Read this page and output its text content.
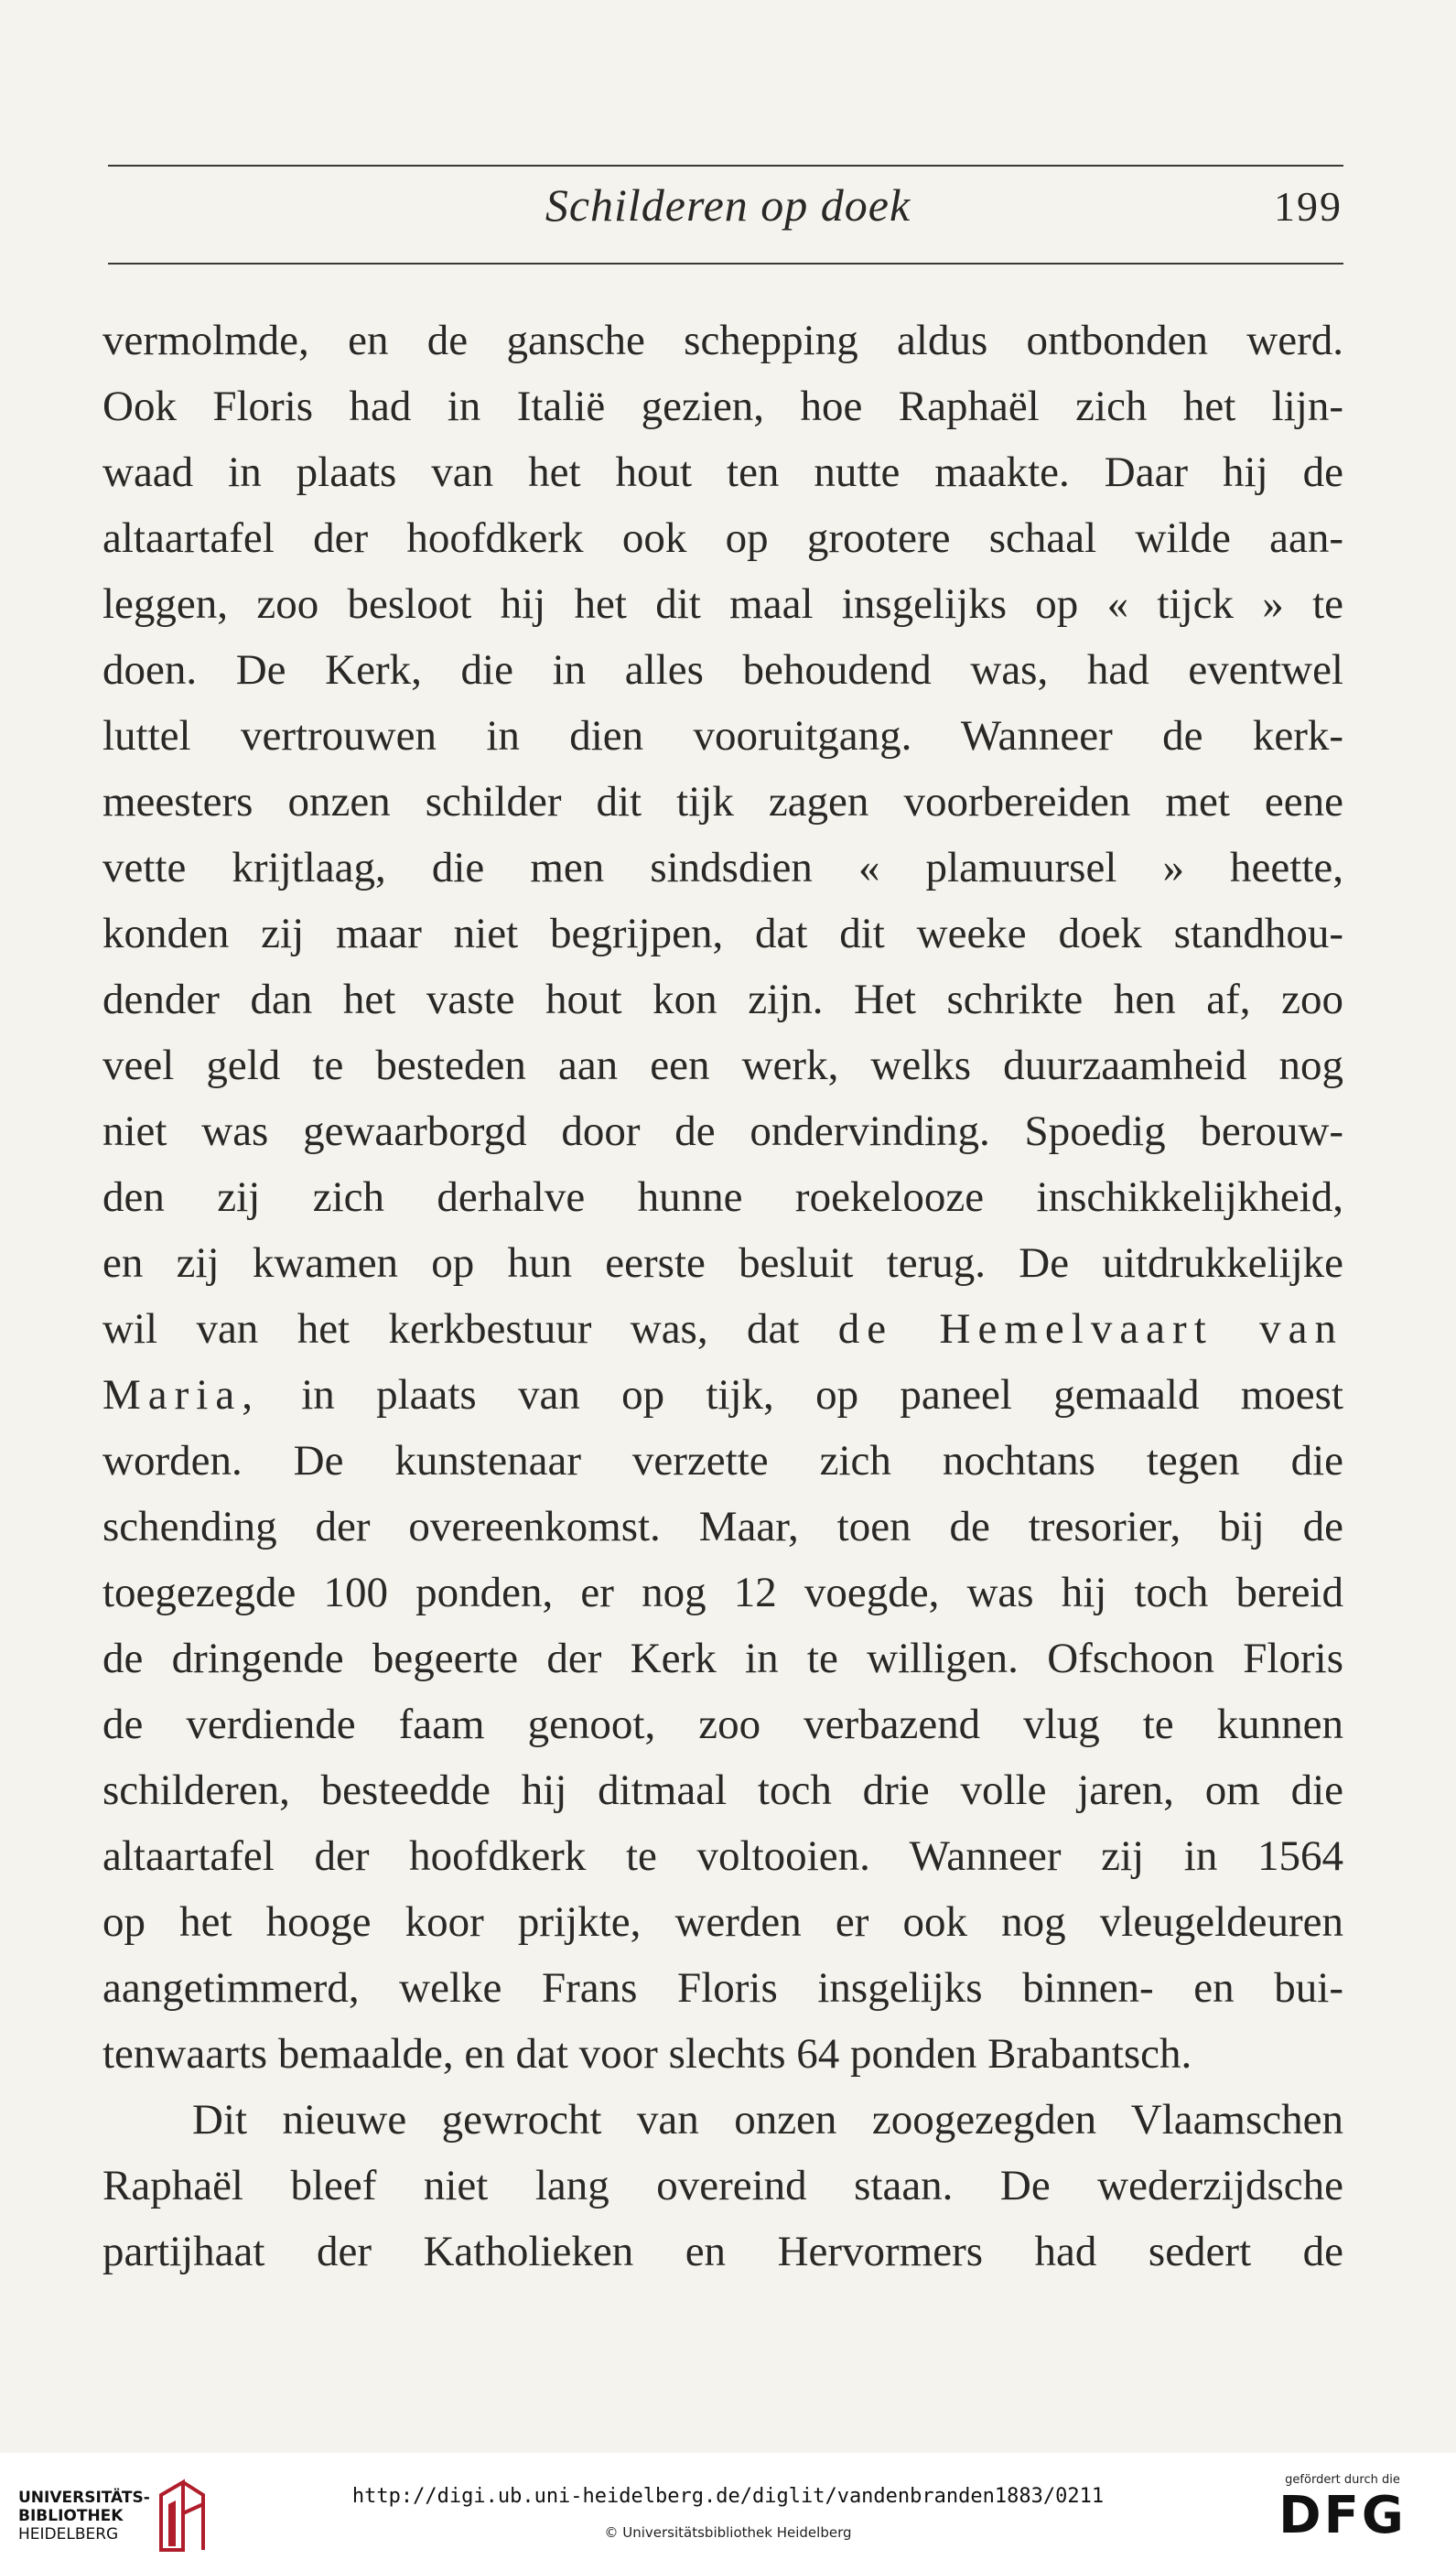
Schilderen op doek	199
vermolmde, en de gansche schepping aldus ontbonden werd.
Ook Floris had in Italië gezien, hoe Raphaël zich het lijn-
waad in plaats van het hout ten nutte maakte. Daar hij de
altaartafel der hoofdkerk ook op grootere schaal wilde aan-
leggen, zoo besloot hij het dit maal insgelijks op « tijck » te
doen. De Kerk, die in alles behoudend was, had eventwel
luttel vertrouwen in dien vooruitgang. Wanneer de kerk-
meesters onzen schilder dit tijk zagen voorbereiden met eene
vette krijtlaag, die men sindsdien « plamuursel » heette,
konden zij maar niet begrijpen, dat dit weeke doek standhou-
dender dan het vaste hout kon zijn. Het schrikte hen af, zoo
veel geld te besteden aan een werk, welks duurzaamheid nog
niet was gewaarborgd door de ondervinding. Spoedig berouw-
den zij zich derhalve hunne roekelooze inschikkelijkheid,
en zij kwamen op hun eerste besluit terug. De uitdrukkelijke
wil van het kerkbestuur was, dat de Hemelvaart van
Maria, in plaats van op tijk, op paneel gemaald moest
worden. De kunstenaar verzette zich nochtans tegen die
schending der overeenkomst. Maar, toen de tresorier, bij de
toegezegde 100 ponden, er nog 12 voegde, was hij toch bereid
de dringende begeerte der Kerk in te willigen. Ofschoon Floris
de verdiende faam genoot, zoo verbazend vlug te kunnen
schilderen, besteedde hij ditmaal toch drie volle jaren, om die
altaartafel der hoofdkerk te voltooien. Wanneer zij in 1564
op het hooge koor prijkte, werden er ook nog vleugeldeuren
aangetimmerd, welke Frans Floris insgelijks binnen- en bui-
tenwaarts bemaalde, en dat voor slechts 64 ponden Brabantsch.
Dit nieuwe gewrocht van onzen zoogezegden Vlaamschen
Raphaël bleef niet lang overeind staan. De wederzijdsche
partijhaat der Katholieken en Hervormers had sedert de
UNIVERSITÄTS-
BIBLIOTHEK
HEIDELBERG
http://digi.ub.uni-heidelberg.de/diglit/vandenbranden1883/0211
© Universitätsbibliothek Heidelberg
gefördert durch die
DFG
